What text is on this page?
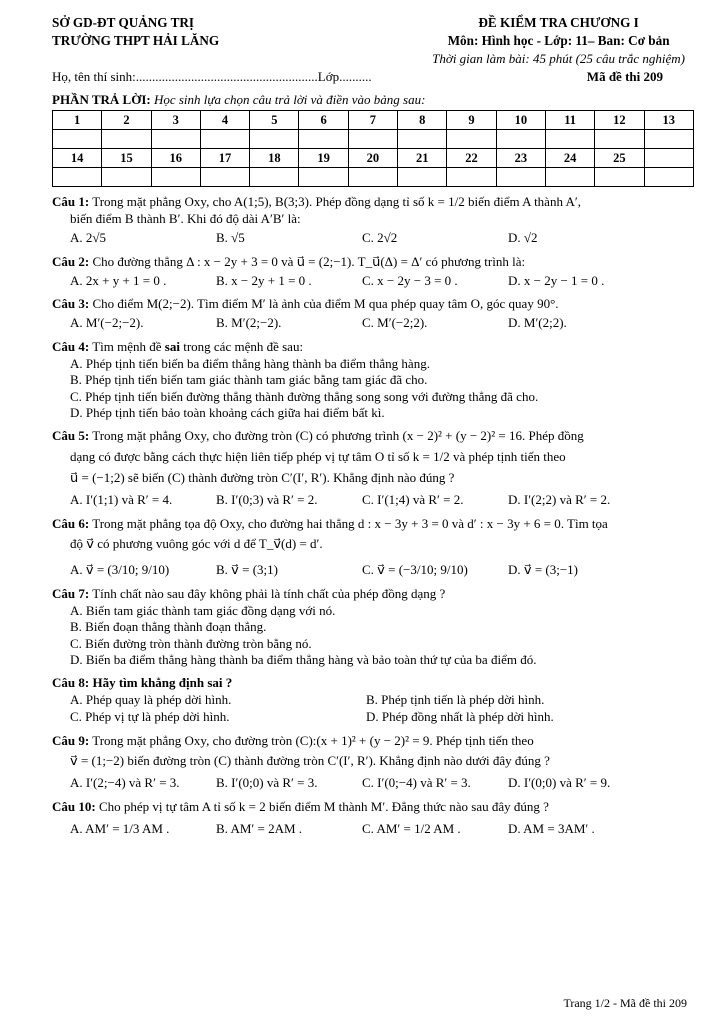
SỞ GD-ĐT QUẢNG TRỊ
TRƯỜNG THPT HẢI LĂNG
ĐỀ KIỂM TRA CHƯƠNG I
Môn: Hình học - Lớp: 11– Ban: Cơ bản
Thời gian làm bài: 45 phút (25 câu trắc nghiệm)
Họ, tên thí sinh:........................................................Lớp..........	Mã đề thi 209
PHẦN TRẢ LỜI: Học sinh lựa chọn câu trả lời và điền vào bảng sau:
1	2	3	4	5	6	7	8	9	10	11	12	13

14	15	16	17	18	19	20	21	22	23	24	25	

Câu 1: Trong mặt phẳng Oxy, cho A(1;5), B(3;3). Phép đồng dạng tỉ số k = 1/2 biến điểm A thành A′,
biến điểm B thành B′. Khi đó độ dài A′B′ là:
A. 2√5	B. √5	C. 2√2	D. √2
Câu 2: Cho đường thẳng Δ : x − 2y + 3 = 0 và u⃗ = (2;−1). T_u⃗(Δ) = Δ′ có phương trình là:
A. 2x + y + 1 = 0 .	B. x − 2y + 1 = 0 .	C. x − 2y − 3 = 0 .	D. x − 2y − 1 = 0 .
Câu 3: Cho điểm M(2;−2). Tìm điểm M′ là ảnh của điểm M qua phép quay tâm O, góc quay 90°.
A. M′(−2;−2).	B. M′(2;−2).	C. M′(−2;2).	D. M′(2;2).
Câu 4: Tìm mệnh đề sai trong các mệnh đề sau:
A. Phép tịnh tiến biến ba điểm thẳng hàng thành ba điểm thẳng hàng.
B. Phép tịnh tiến biến tam giác thành tam giác bằng tam giác đã cho.
C. Phép tịnh tiến biến đường thẳng thành đường thẳng song song với đường thẳng đã cho.
D. Phép tịnh tiến bảo toàn khoảng cách giữa hai điểm bất kì.
Câu 5: Trong mặt phẳng Oxy, cho đường tròn (C) có phương trình (x − 2)² + (y − 2)² = 16. Phép đồng
dạng có được bằng cách thực hiện liên tiếp phép vị tự tâm O tỉ số k = 1/2 và phép tịnh tiến theo
u⃗ = (−1;2) sẽ biến (C) thành đường tròn C′(I′, R′). Khẳng định nào đúng ?
A. I′(1;1) và R′ = 4.	B. I′(0;3) và R′ = 2.	C. I′(1;4) và R′ = 2.	D. I′(2;2) và R′ = 2.
Câu 6: Trong mặt phẳng tọa độ Oxy, cho đường hai thẳng d : x − 3y + 3 = 0 và d′ : x − 3y + 6 = 0. Tìm tọa
độ v⃗ có phương vuông góc với d để T_v⃗(d) = d′.
A. v⃗ = (3/10; 9/10)	B. v⃗ = (3;1)	C. v⃗ = (−3/10; 9/10)	D. v⃗ = (3;−1)
Câu 7: Tính chất nào sau đây không phải là tính chất của phép đồng dạng ?
A. Biến tam giác thành tam giác đồng dạng với nó.
B. Biến đoạn thẳng thành đoạn thẳng.
C. Biến đường tròn thành đường tròn bằng nó.
D. Biến ba điểm thẳng hàng thành ba điểm thẳng hàng và bảo toàn thứ tự của ba điểm đó.
Câu 8: Hãy tìm khẳng định sai ?
A. Phép quay là phép dời hình.	B. Phép tịnh tiến là phép dời hình.
C. Phép vị tự là phép dời hình.	D. Phép đồng nhất là phép dời hình.
Câu 9: Trong mặt phẳng Oxy, cho đường tròn (C):(x + 1)² + (y − 2)² = 9. Phép tịnh tiến theo
v⃗ = (1;−2) biến đường tròn (C) thành đường tròn C′(I′, R′). Khẳng định nào dưới đây đúng ?
A. I′(2;−4) và R′ = 3.	B. I′(0;0) và R′ = 3.	C. I′(0;−4) và R′ = 3.	D. I′(0;0) và R′ = 9.
Câu 10: Cho phép vị tự tâm A tỉ số k = 2 biến điểm M thành M′. Đẳng thức nào sau đây đúng ?
A. AM′ = 1/3 AM .	B. AM′ = 2AM .	C. AM′ = 1/2 AM .	D. AM = 3AM′ .
Trang 1/2 - Mã đề thi 209
